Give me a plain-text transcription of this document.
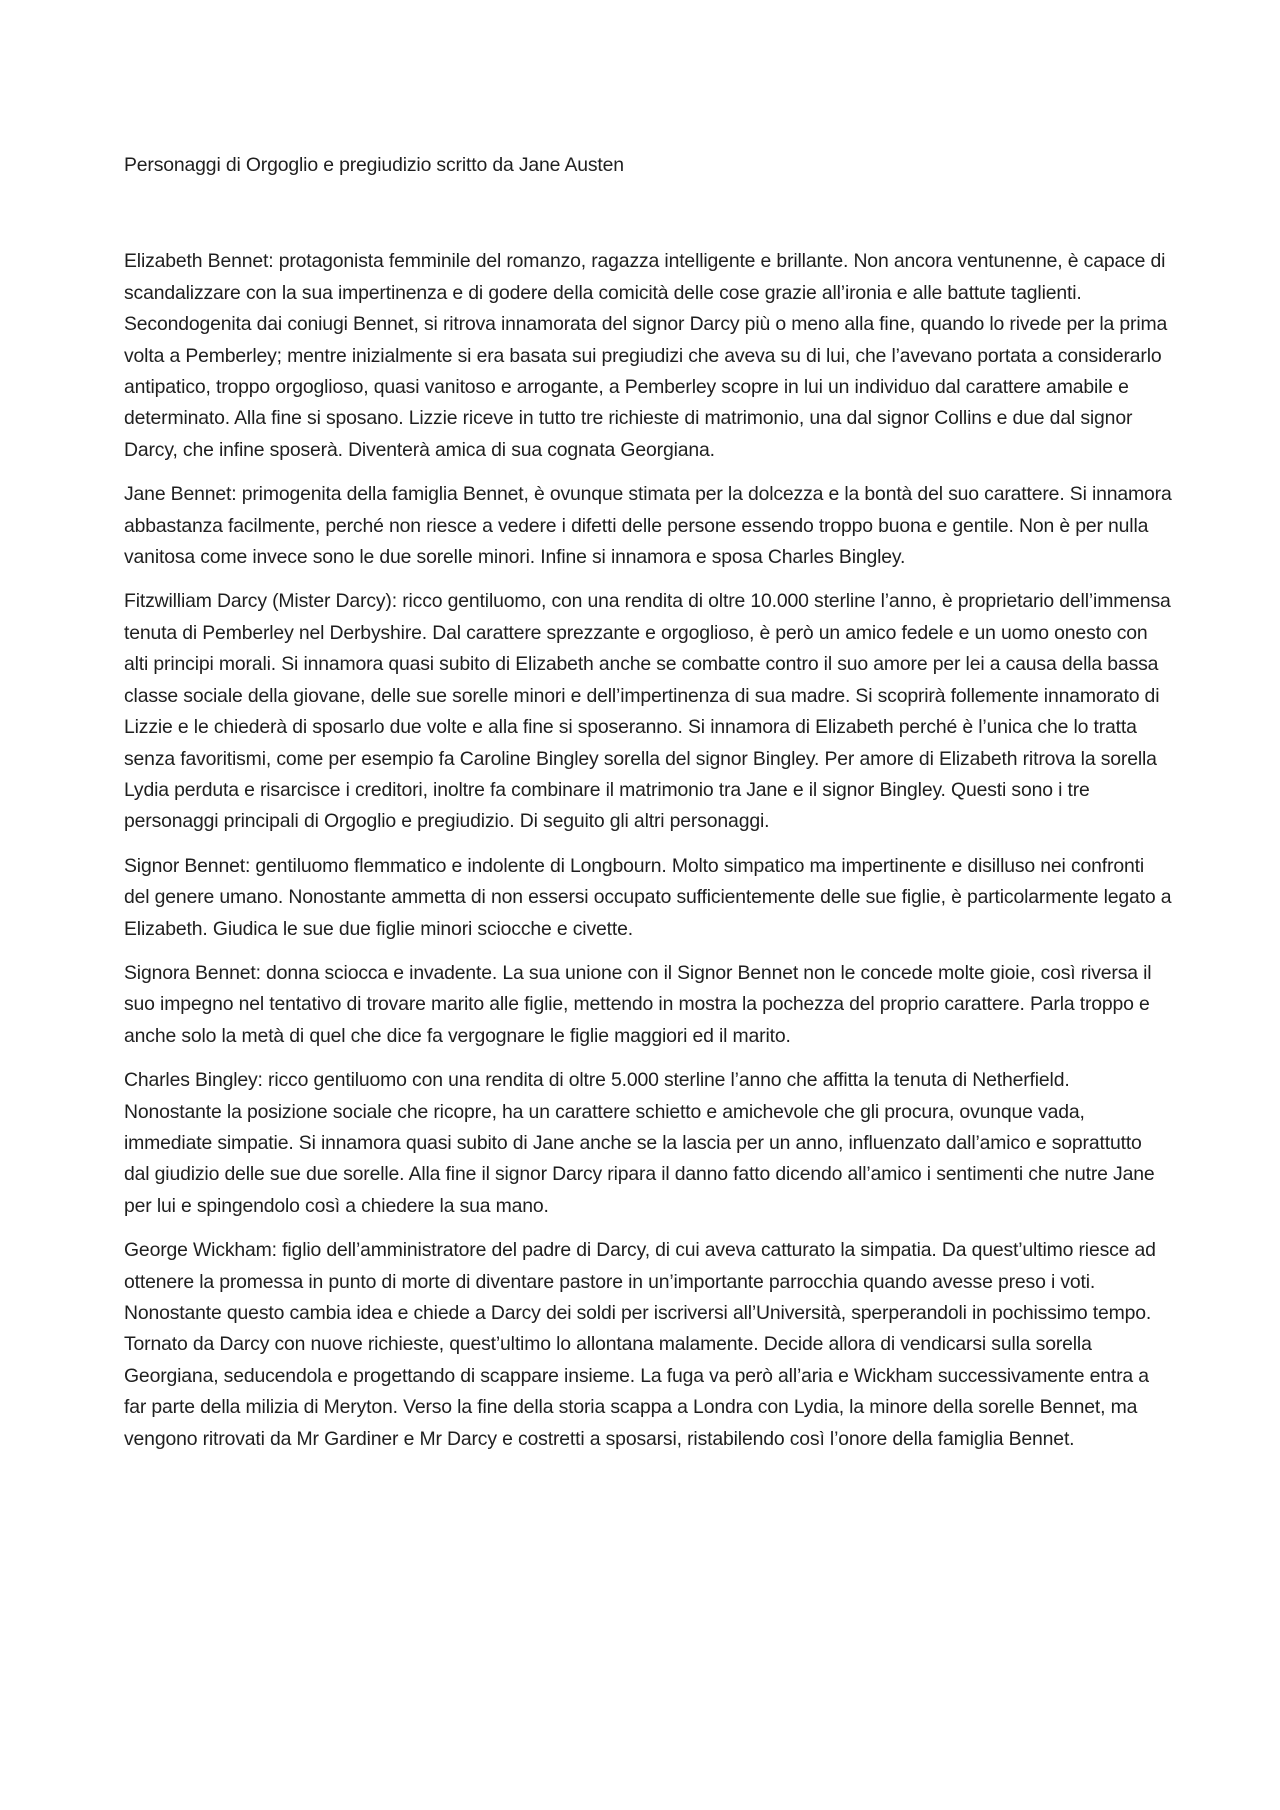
Personaggi di Orgoglio e pregiudizio scritto da Jane Austen

Elizabeth Bennet: protagonista femminile del romanzo, ragazza intelligente e brillante. Non ancora ventunenne, è capace di scandalizzare con la sua impertinenza e di godere della comicità delle cose grazie all’ironia e alle battute taglienti. Secondogenita dai coniugi Bennet, si ritrova innamorata del signor Darcy più o meno alla fine, quando lo rivede per la prima volta a Pemberley; mentre inizialmente si era basata sui pregiudizi che aveva su di lui, che l’avevano portata a considerarlo antipatico, troppo orgoglioso, quasi vanitoso e arrogante, a Pemberley scopre in lui un individuo dal carattere amabile e determinato. Alla fine si sposano. Lizzie riceve in tutto tre richieste di matrimonio, una dal signor Collins e due dal signor Darcy, che infine sposerà. Diventerà amica di sua cognata Georgiana.

Jane Bennet: primogenita della famiglia Bennet, è ovunque stimata per la dolcezza e la bontà del suo carattere. Si innamora abbastanza facilmente, perché non riesce a vedere i difetti delle persone essendo troppo buona e gentile. Non è per nulla vanitosa come invece sono le due sorelle minori. Infine si innamora e sposa Charles Bingley.

Fitzwilliam Darcy (Mister Darcy): ricco gentiluomo, con una rendita di oltre 10.000 sterline l’anno, è proprietario dell’immensa tenuta di Pemberley nel Derbyshire. Dal carattere sprezzante e orgoglioso, è però un amico fedele e un uomo onesto con alti principi morali. Si innamora quasi subito di Elizabeth anche se combatte contro il suo amore per lei a causa della bassa classe sociale della giovane, delle sue sorelle minori e dell’impertinenza di sua madre. Si scoprirà follemente innamorato di Lizzie e le chiederà di sposarlo due volte e alla fine si sposeranno. Si innamora di Elizabeth perché è l’unica che lo tratta senza favoritismi, come per esempio fa Caroline Bingley sorella del signor Bingley. Per amore di Elizabeth ritrova la sorella Lydia perduta e risarcisce i creditori, inoltre fa combinare il matrimonio tra Jane e il signor Bingley. Questi sono i tre personaggi principali di Orgoglio e pregiudizio. Di seguito gli altri personaggi.

Signor Bennet: gentiluomo flemmatico e indolente di Longbourn. Molto simpatico ma impertinente e disilluso nei confronti del genere umano. Nonostante ammetta di non essersi occupato sufficientemente delle sue figlie, è particolarmente legato a Elizabeth. Giudica le sue due figlie minori sciocche e civette.

Signora Bennet: donna sciocca e invadente. La sua unione con il Signor Bennet non le concede molte gioie, così riversa il suo impegno nel tentativo di trovare marito alle figlie, mettendo in mostra la pochezza del proprio carattere. Parla troppo e anche solo la metà di quel che dice fa vergognare le figlie maggiori ed il marito.

Charles Bingley: ricco gentiluomo con una rendita di oltre 5.000 sterline l’anno che affitta la tenuta di Netherfield. Nonostante la posizione sociale che ricopre, ha un carattere schietto e amichevole che gli procura, ovunque vada, immediate simpatie. Si innamora quasi subito di Jane anche se la lascia per un anno, influenzato dall’amico e soprattutto dal giudizio delle sue due sorelle. Alla fine il signor Darcy ripara il danno fatto dicendo all’amico i sentimenti che nutre Jane per lui e spingendolo così a chiedere la sua mano.

George Wickham: figlio dell’amministratore del padre di Darcy, di cui aveva catturato la simpatia. Da quest’ultimo riesce ad ottenere la promessa in punto di morte di diventare pastore in un’importante parrocchia quando avesse preso i voti. Nonostante questo cambia idea e chiede a Darcy dei soldi per iscriversi all’Università, sperperandoli in pochissimo tempo. Tornato da Darcy con nuove richieste, quest’ultimo lo allontana malamente. Decide allora di vendicarsi sulla sorella Georgiana, seducendola e progettando di scappare insieme. La fuga va però all’aria e Wickham successivamente entra a far parte della milizia di Meryton. Verso la fine della storia scappa a Londra con Lydia, la minore della sorelle Bennet, ma vengono ritrovati da Mr Gardiner e Mr Darcy e costretti a sposarsi, ristabilendo così l’onore della famiglia Bennet.
